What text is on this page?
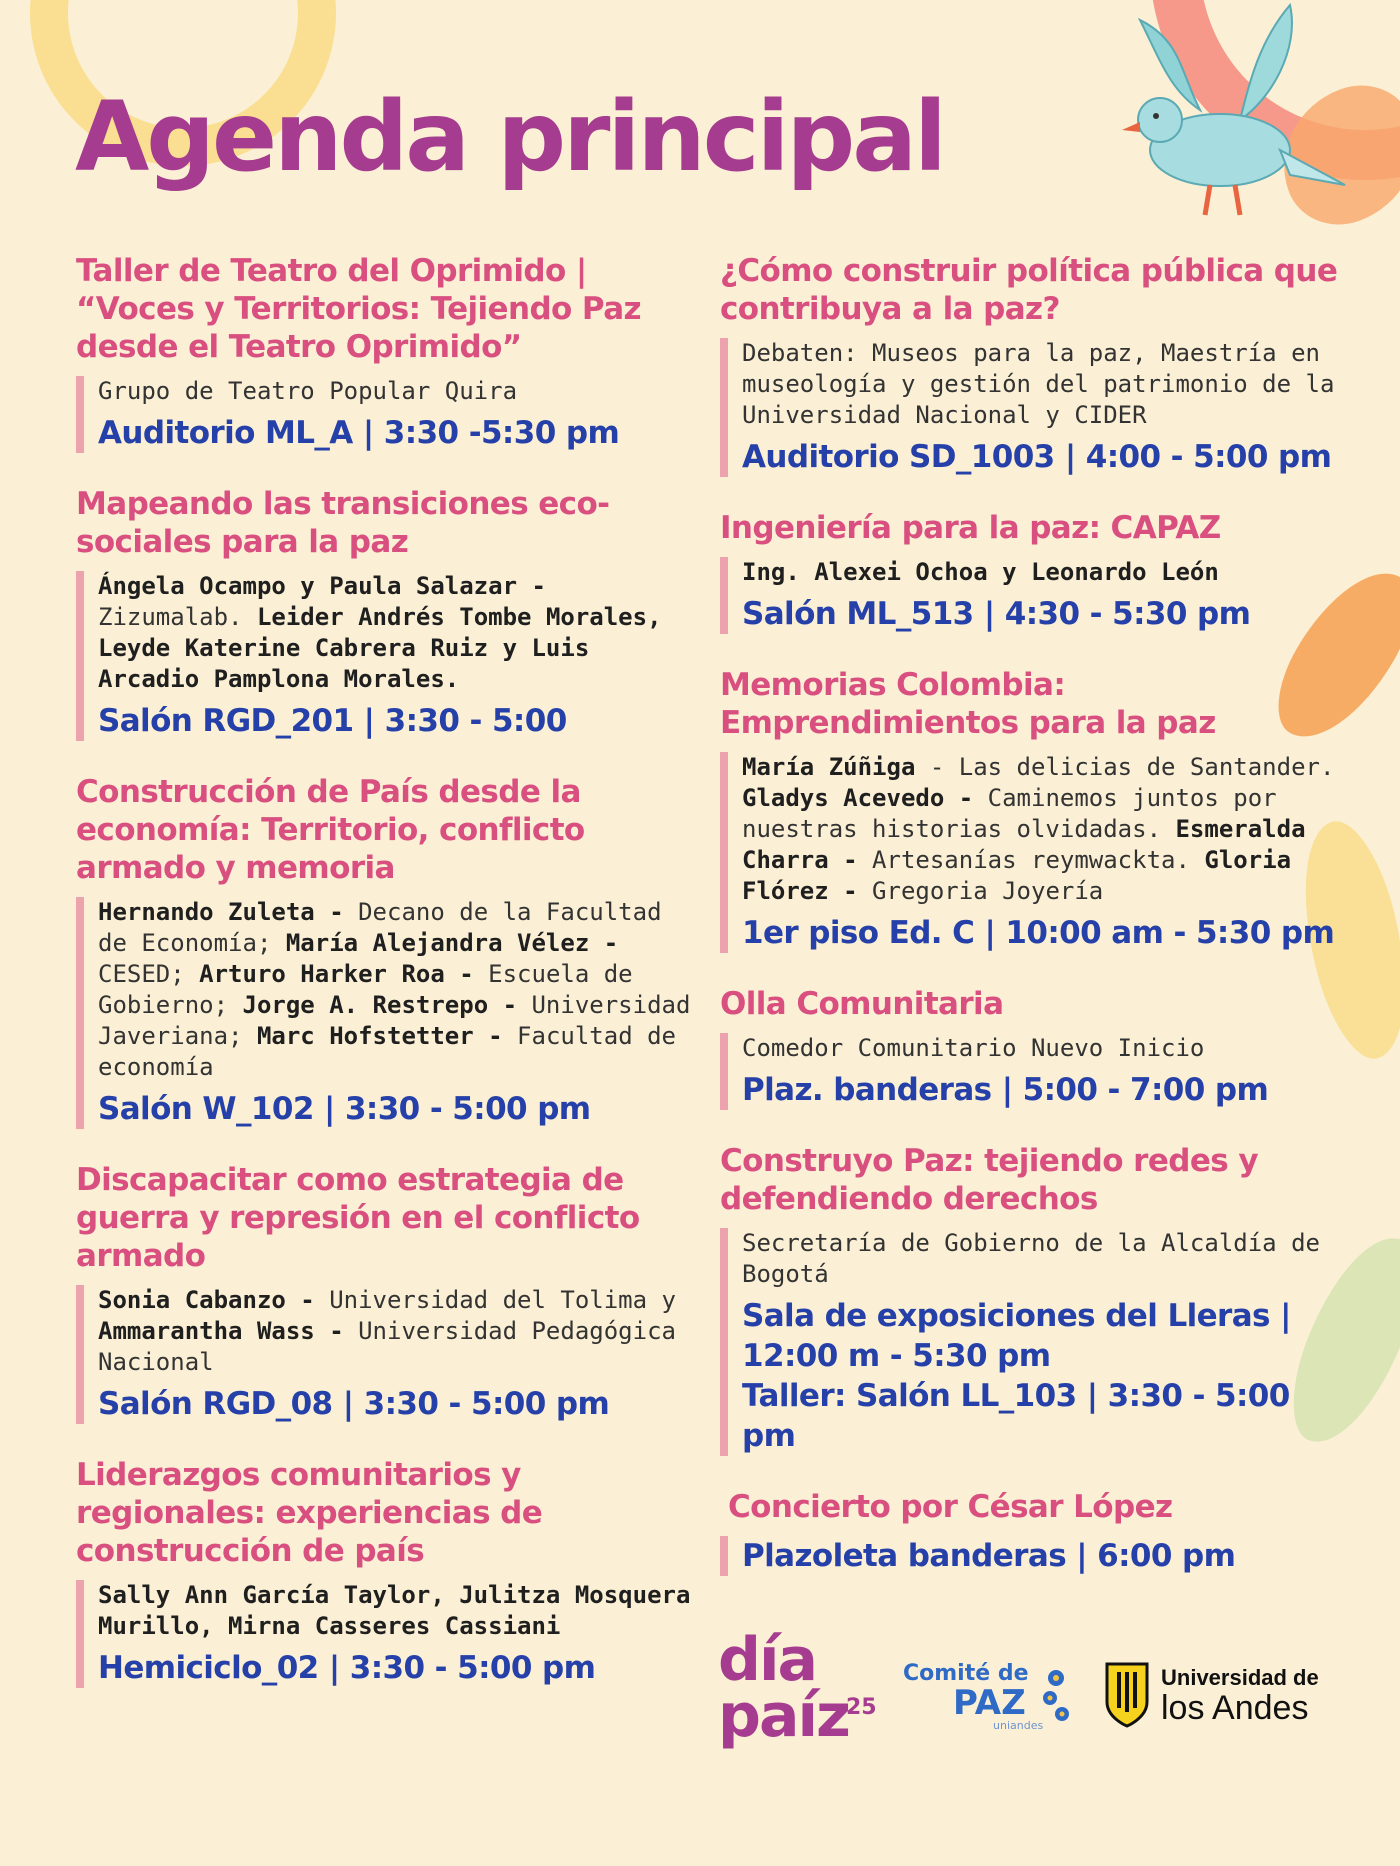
Agenda principal
Taller de Teatro del Oprimido | “Voces y Territorios: Tejiendo Paz desde el Teatro Oprimido”

Grupo de Teatro Popular Quira

Auditorio ML_A | 3:30 -5:30 pm

Mapeando las transiciones eco-sociales para la paz

Ángela Ocampo y Paula Salazar - Zizumalab. Leider Andrés Tombe Morales, Leyde Katerine Cabrera Ruiz y Luis Arcadio Pamplona Morales.

Salón RGD_201 | 3:30 - 5:00

Construcción de País desde la economía: Territorio, conflicto armado y memoria

Hernando Zuleta - Decano de la Facultad de Economía; María Alejandra Vélez - CESED; Arturo Harker Roa - Escuela de Gobierno; Jorge A. Restrepo - Universidad Javeriana; Marc Hofstetter - Facultad de economía

Salón W_102 | 3:30 - 5:00 pm

Discapacitar como estrategia de guerra y represión en el conflicto armado

Sonia Cabanzo - Universidad del Tolima y Ammarantha Wass - Universidad Pedagógica Nacional

Salón RGD_08 | 3:30 - 5:00 pm

Liderazgos comunitarios y regionales: experiencias de construcción de país

Sally Ann García Taylor, Julitza Mosquera Murillo, Mirna Casseres Cassiani

Hemiciclo_02 | 3:30 - 5:00 pm

¿Cómo construir política pública que contribuya a la paz?

Debaten: Museos para la paz, Maestría en museología y gestión del patrimonio de la Universidad Nacional y CIDER

Auditorio SD_1003 | 4:00 - 5:00 pm

Ingeniería para la paz: CAPAZ

Ing. Alexei Ochoa y Leonardo León

Salón ML_513 | 4:30 - 5:30 pm

Memorias Colombia: Emprendimientos para la paz

María Zúñiga - Las delicias de Santander. Gladys Acevedo - Caminemos juntos por nuestras historias olvidadas. Esmeralda Charra - Artesanías reymwackta. Gloria Flórez - Gregoria Joyería

1er piso Ed. C | 10:00 am - 5:30 pm

Olla Comunitaria

Comedor Comunitario Nuevo Inicio

Plaz. banderas | 5:00 - 7:00 pm

Construyo Paz: tejiendo redes y defendiendo derechos

Secretaría de Gobierno de la Alcaldía de Bogotá

Sala de exposiciones del Lleras | 12:00 m - 5:30 pm

Taller: Salón LL_103 | 3:30 - 5:00 pm

Concierto por César López

Plazoleta banderas | 6:00 pm

día
paíz
25
Comité de
PAZ
uniandes
Universidad de
los Andes
